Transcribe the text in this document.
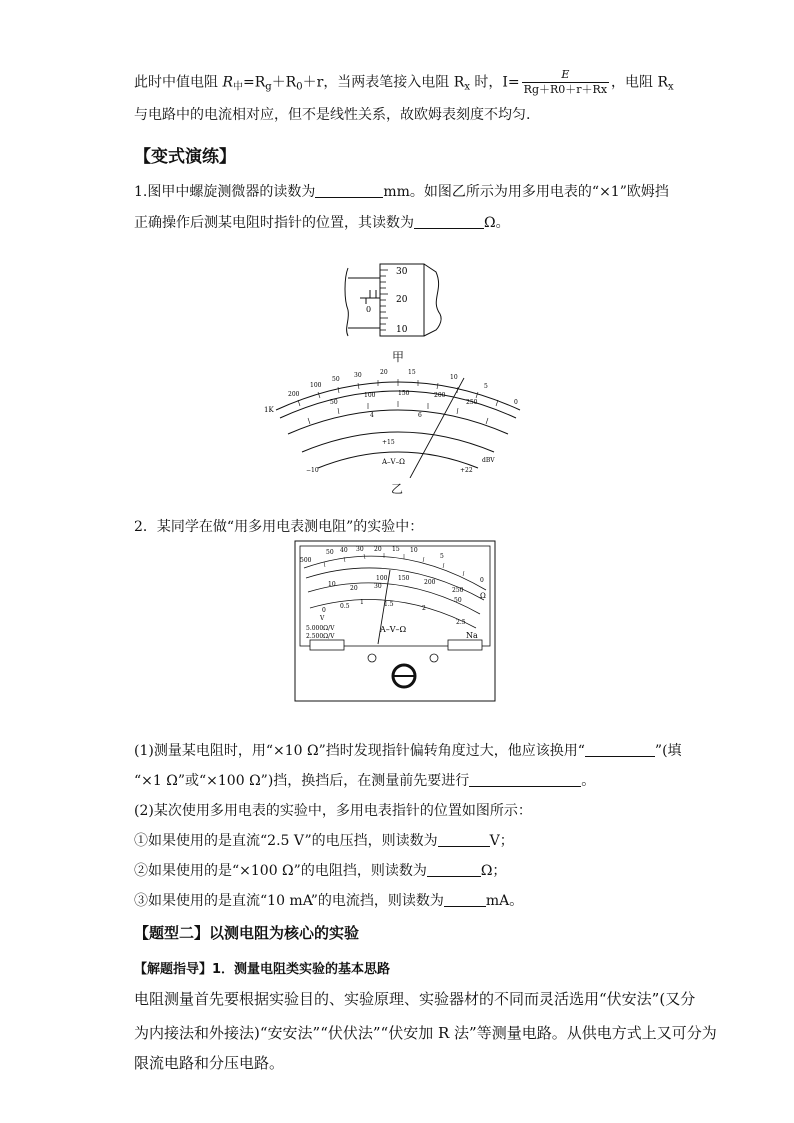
此时中值电阻 $R_中=R_g+R_0+r$，当两表笔接入电阻 $R_x$ 时，$I= \frac{E}{Rg+R0+r+Rx}$ ，电阻 $R_x$
与电路中的电流相对应，但不是线性关系，故欧姆表刻度不均匀.
【变式演练】
1.图甲中螺旋测微器的读数为	mm。如图乙所示为用多用电表的“×1”欧姆挡
正确操作后测某电阻时指针的位置，其读数为	Ω。
30
20
10
0
甲
1K
200
100
50
30	20	15
10
5
0
50
100	150	200
250
4	6
−10
+15
+22
dBV
A–V–Ω
乙
2．某同学在做“用多用电表测电阻”的实验中：
500
50 40 30 20 15 10
5
0
Ω
100 150
200
250
10
20	30
50
0
0.5
1	1.5
2
2.5
V
5.000Ω/V
2.500Ω/V
A–V–Ω
Na
(1)测量某电阻时，用“×10 Ω”挡时发现指针偏转角度过大，他应该换用“	”(填
“×1 Ω”或“×100 Ω”)挡，换挡后，在测量前先要进行	。
(2)某次使用多用电表的实验中，多用电表指针的位置如图所示：
①如果使用的是直流“2.5 V”的电压挡，则读数为	V；
②如果使用的是“×100 Ω”的电阻挡，则读数为	Ω；
③如果使用的是直流“10 mA”的电流挡，则读数为	mA。
【题型二】以测电阻为核心的实验
【解题指导】1．测量电阻类实验的基本思路
电阻测量首先要根据实验目的、实验原理、实验器材的不同而灵活选用“伏安法”(又分
为内接法和外接法)“安安法”“伏伏法”“伏安加 R 法”等测量电路。从供电方式上又可分为
限流电路和分压电路。
